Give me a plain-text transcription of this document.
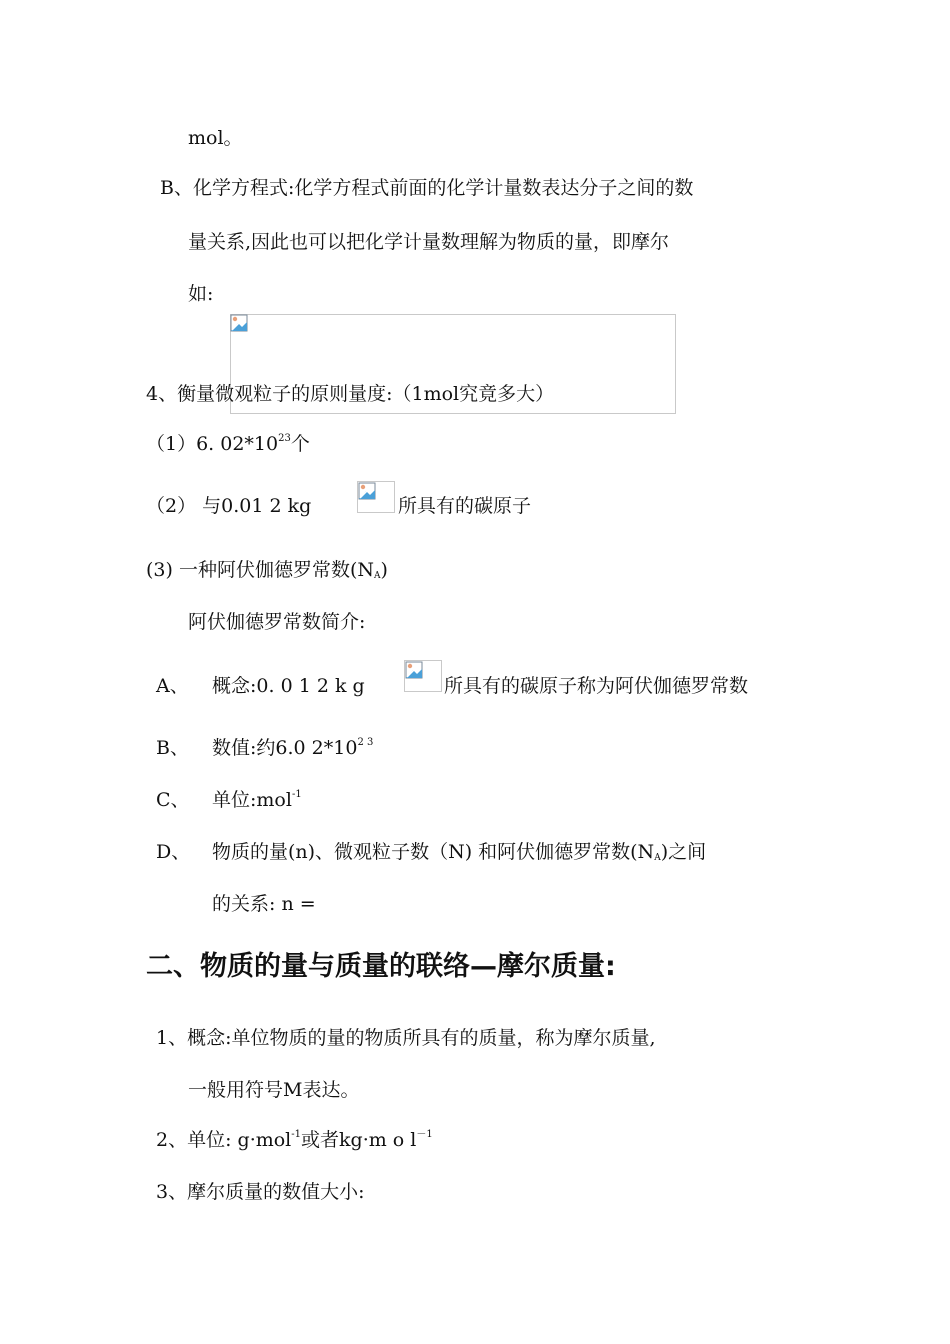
mol。
B、化学方程式:化学方程式前面的化学计量数表达分子之间的数
量关系,因此也可以把化学计量数理解为物质的量，即摩尔
如:
4、衡量微观粒子的原则量度:（1mol究竟多大）
（1）6. $02*10^{23}$个
（2） 与0.01 2 kg	所具有的碳原子
(3) 一种阿伏伽德罗常数$(N_A)$
阿伏伽德罗常数简介:
A、 概念:0. 0 1 2 k g	所具有的碳原子称为阿伏伽德罗常数
B、 数值:约6.0 $2*10^{2 3}$
C、 单位:mol$^{-1}$
D、 物质的量(n)、微观粒子数（N) 和阿伏伽德罗常数$(N_A)$之间
的关系: n =
二、物质的量与质量的联络—摩尔质量:
1、概念:单位物质的量的物质所具有的质量，称为摩尔质量,
一般用符号M表达。
2、单位: g·mol$^{-1}$或者kg·m o $l^{-1}$
3、摩尔质量的数值大小:
